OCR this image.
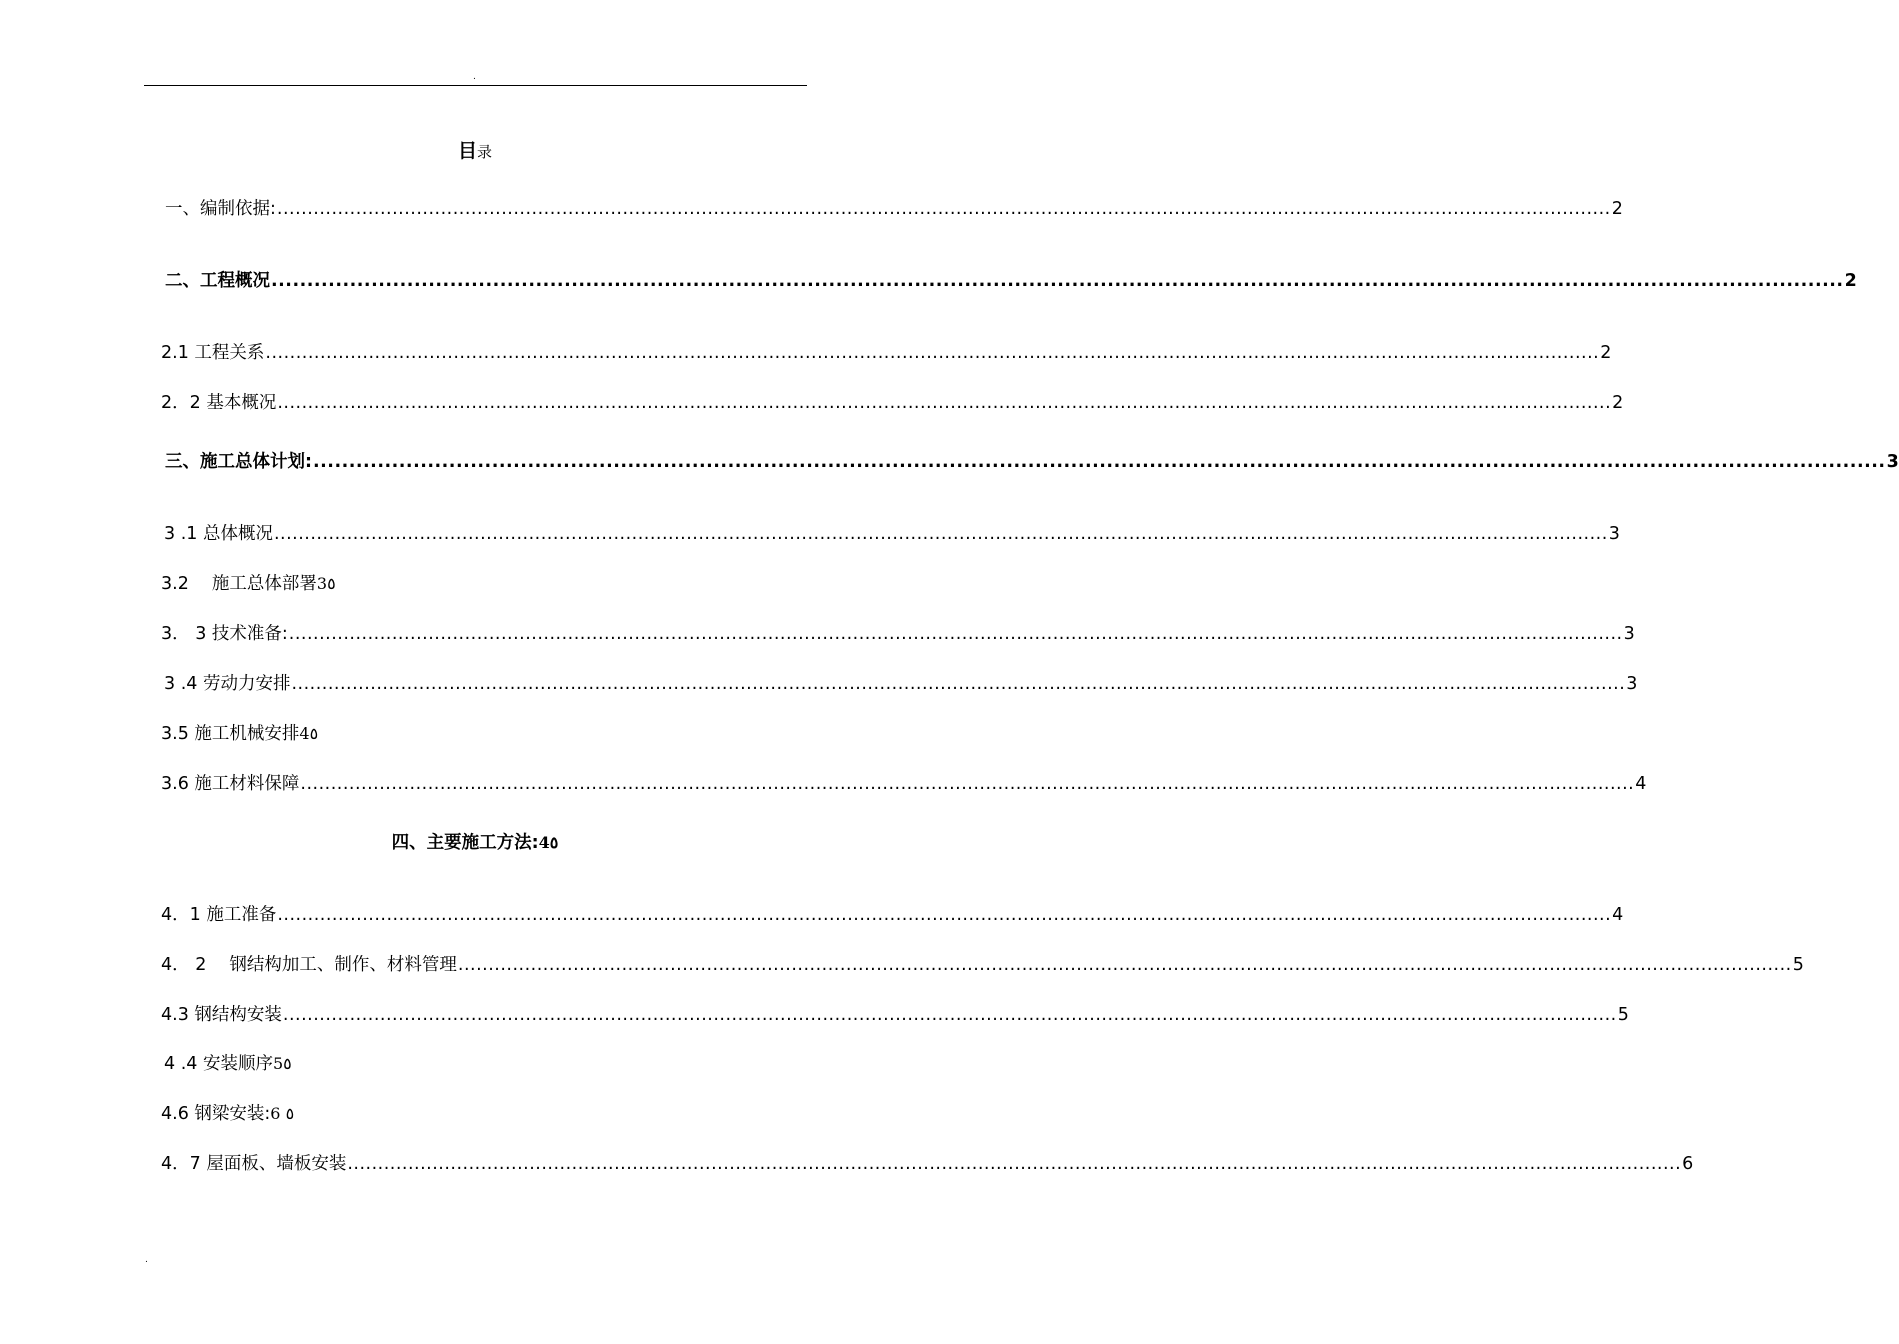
.
目录
一、编制依据: ............................................................................................................................................................................................................................ 2
二、工程概况 ............................................................................................................................................................................................................................ 2
2.1 工程关系 ............................................................................................................................................................................................................................ 2
2．2 基本概况 ............................................................................................................................................................................................................................ 2
三、施工总体计划: ............................................................................................................................................................................................................................ 3
3 .1 总体概况 ............................................................................................................................................................................................................................ 3
3.2　 施工总体部署 3٥
3． 3 技术准备: ............................................................................................................................................................................................................................ 3
3 .4 劳动力安排 ............................................................................................................................................................................................................................ 3
3.5 施工机械安排 4٥
3.6 施工材料保障 ............................................................................................................................................................................................................................ 4
四、主要施工方法: 4٥
4．1 施工准备 ............................................................................................................................................................................................................................ 4
4． 2　 钢结构加工、制作、材料管理 ............................................................................................................................................................................................................................ 5
4.3 钢结构安装 ............................................................................................................................................................................................................................ 5
4 .4 安装顺序 5٥
4.6 钢梁安装: 6 ٥
4．7 屋面板、墙板安装 ............................................................................................................................................................................................................................ 6
.
